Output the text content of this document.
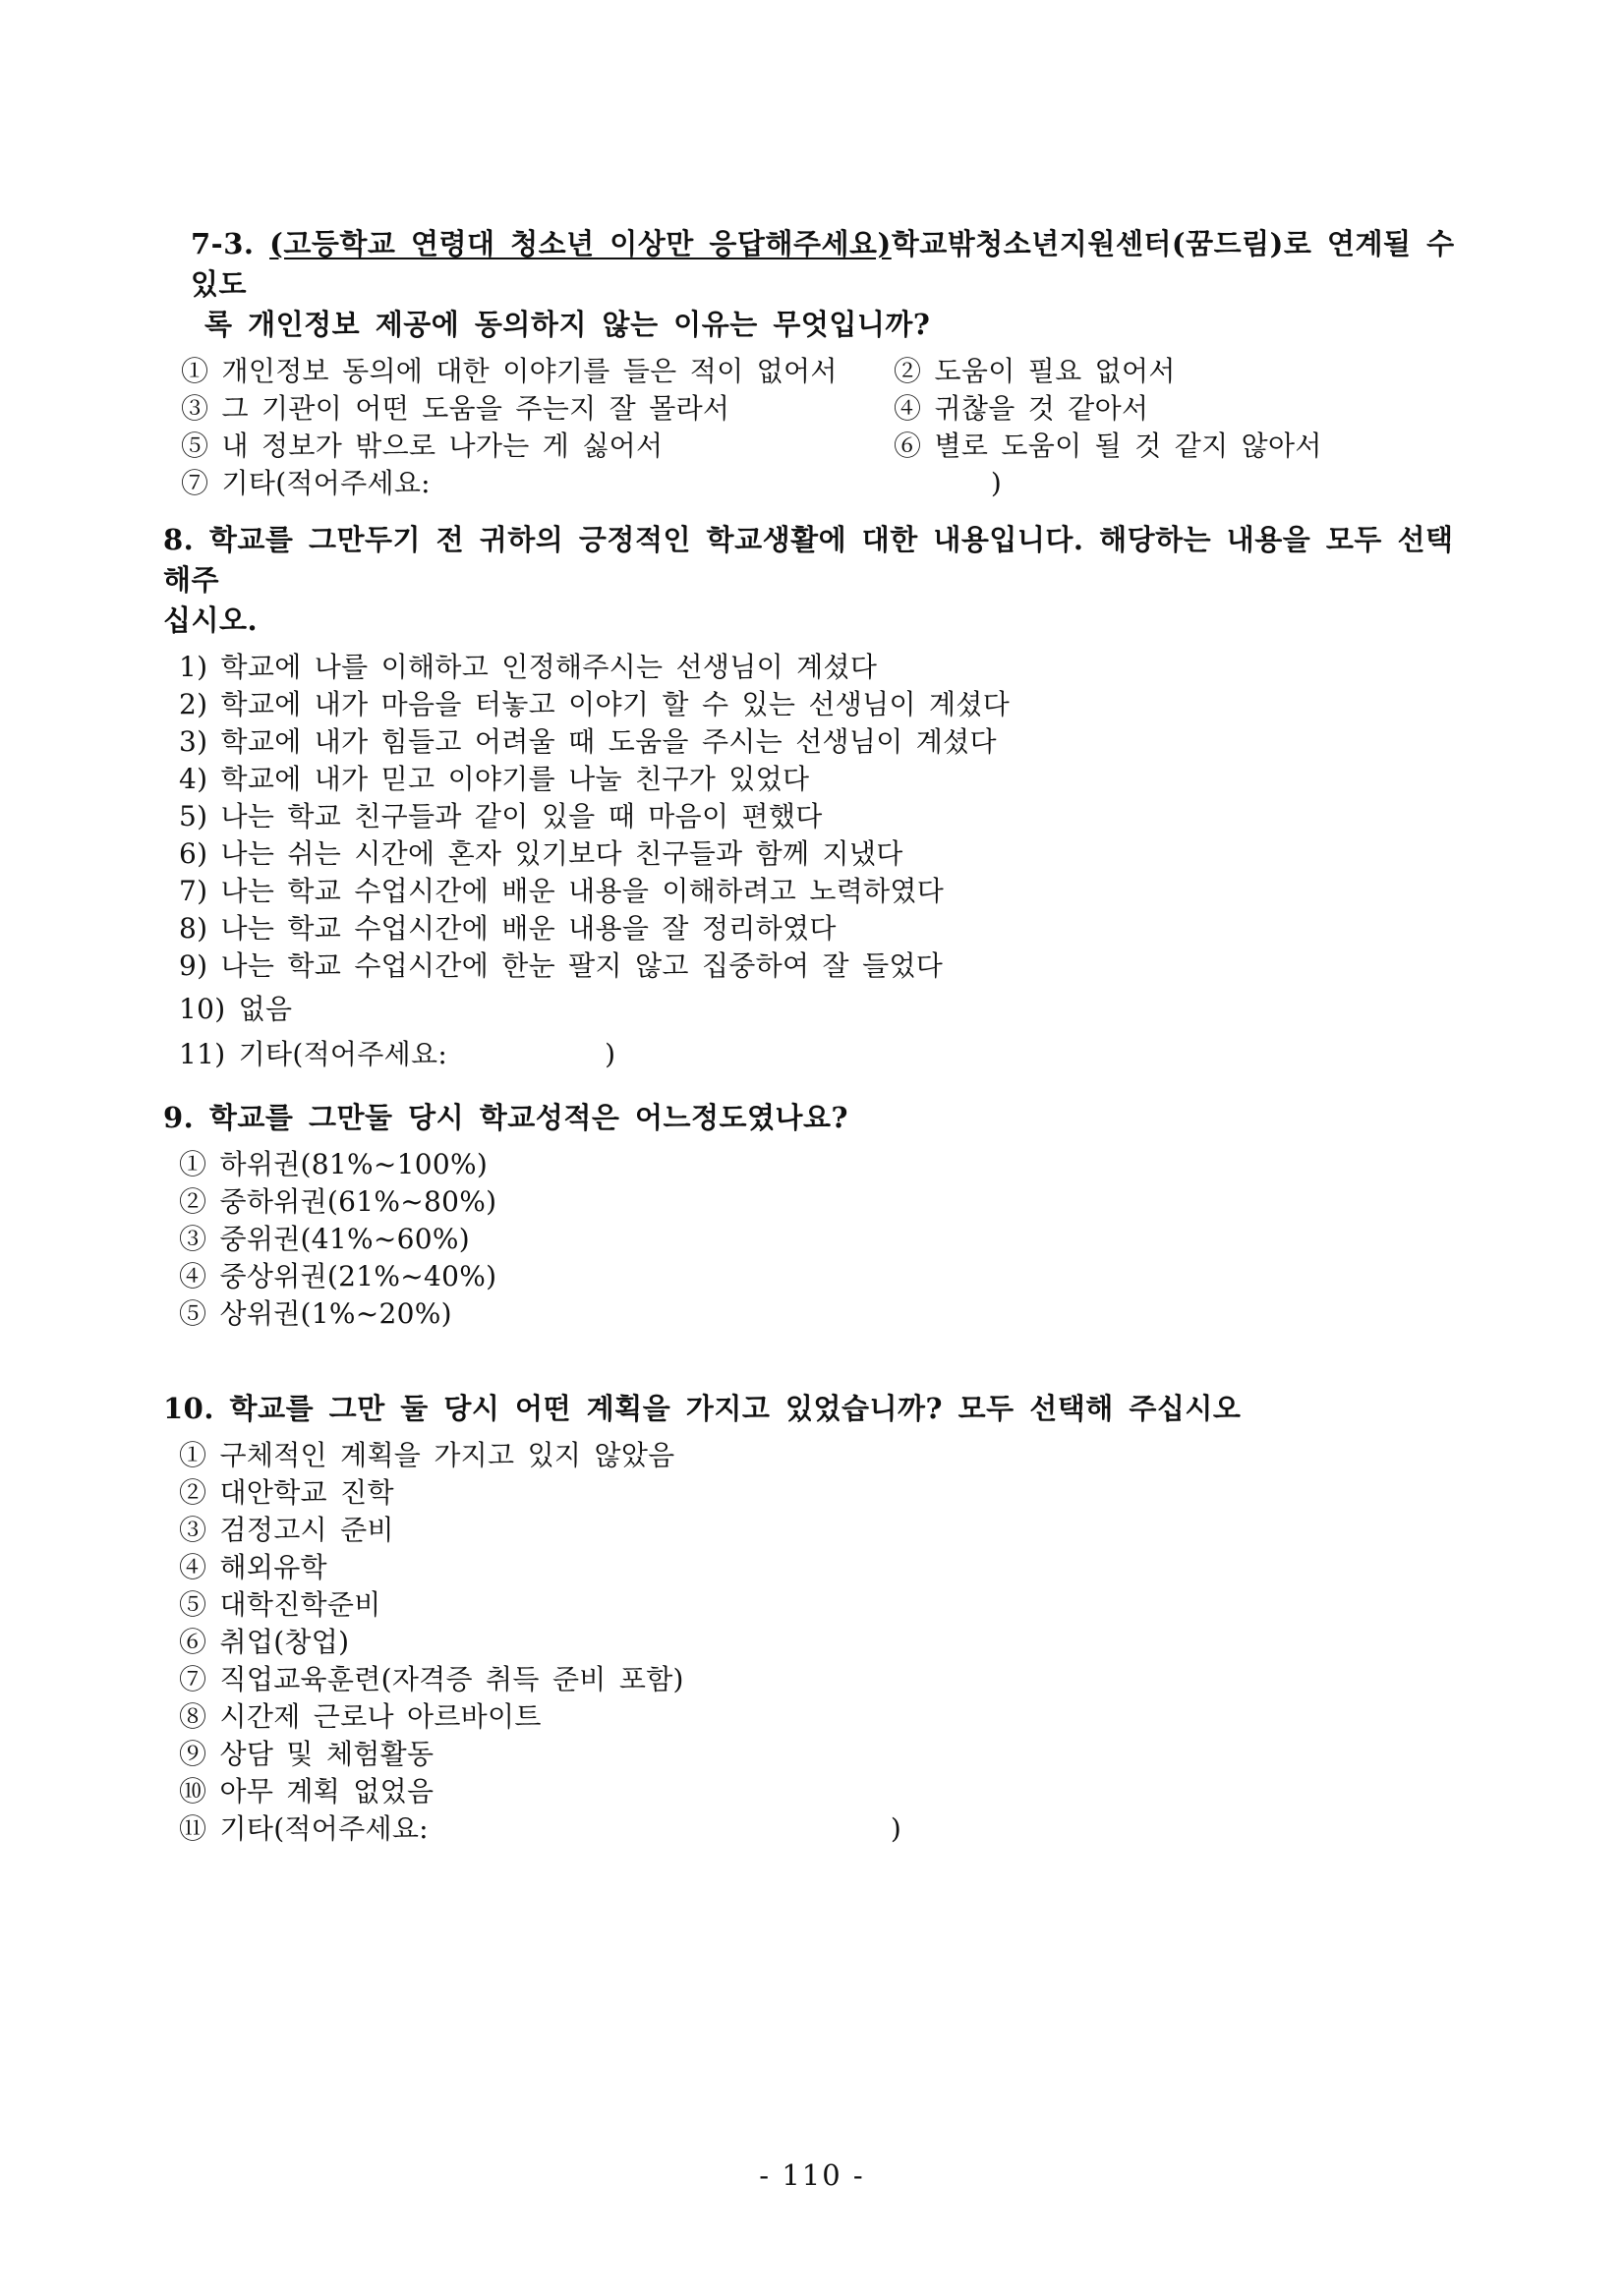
7-3. (고등학교 연령대 청소년 이상만 응답해주세요)학교밖청소년지원센터(꿈드림)로 연계될 수 있도
록 개인정보 제공에 동의하지 않는 이유는 무엇입니까?
① 개인정보 동의에 대한 이야기를 들은 적이 없어서	② 도움이 필요 없어서
③ 그 기관이 어떤 도움을 주는지 잘 몰라서	④ 귀찮을 것 같아서
⑤ 내 정보가 밖으로 나가는 게 싫어서	⑥ 별로 도움이 될 것 같지 않아서
⑦ 기타(적어주세요:	)
8. 학교를 그만두기 전 귀하의 긍정적인 학교생활에 대한 내용입니다. 해당하는 내용을 모두 선택해주
십시오.
1) 학교에 나를 이해하고 인정해주시는 선생님이 계셨다
2) 학교에 내가 마음을 터놓고 이야기 할 수 있는 선생님이 계셨다
3) 학교에 내가 힘들고 어려울 때 도움을 주시는 선생님이 계셨다
4) 학교에 내가 믿고 이야기를 나눌 친구가 있었다
5) 나는 학교 친구들과 같이 있을 때 마음이 편했다
6) 나는 쉬는 시간에 혼자 있기보다 친구들과 함께 지냈다
7) 나는 학교 수업시간에 배운 내용을 이해하려고 노력하였다
8) 나는 학교 수업시간에 배운 내용을 잘 정리하였다
9) 나는 학교 수업시간에 한눈 팔지 않고 집중하여 잘 들었다
10) 없음
11) 기타(적어주세요:	)
9. 학교를 그만둘 당시 학교성적은 어느정도였나요?
① 하위권(81%~100%)
② 중하위권(61%~80%)
③ 중위권(41%~60%)
④ 중상위권(21%~40%)
⑤ 상위권(1%~20%)
10. 학교를 그만 둘 당시 어떤 계획을 가지고 있었습니까? 모두 선택해 주십시오
① 구체적인 계획을 가지고 있지 않았음
② 대안학교 진학
③ 검정고시 준비
④ 해외유학
⑤ 대학진학준비
⑥ 취업(창업)
⑦ 직업교육훈련(자격증 취득 준비 포함)
⑧ 시간제 근로나 아르바이트
⑨ 상담 및 체험활동
⑩ 아무 계획 없었음
⑪ 기타(적어주세요:	)
- 110 -
